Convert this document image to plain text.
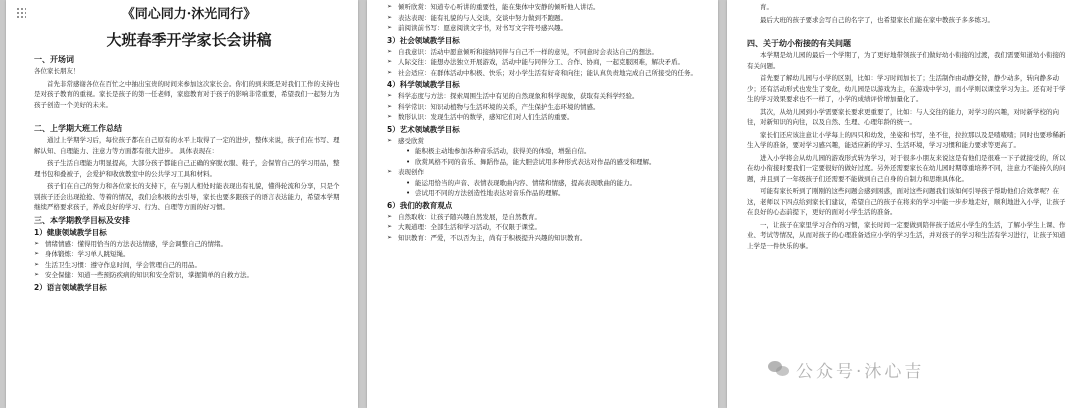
《同心同力·沐光同行》
大班春季开学家长会讲稿
一、开场词

各位家长朋友！

首先非常感谢各位在百忙之中抽出宝贵的时间来参加这次家长会。你们的到来既是对我们工作的支持也是对孩子教育的重视。家长是孩子的第一任老师，家庭教育对于孩子的影响非常重要，希望我们一起努力为孩子创造一个美好的未来。

二、上学期大班工作总结

通过上学期学习后，每位孩子都在自己原有的水平上取得了一定的进步，整体来说，孩子们在书写、理解认知、自理能力、注意力等方面都有很大进步。 具体表现在：

孩子生活自理能力明显提高，大部分孩子都能自己正确的穿脱衣服、鞋子，会保管自己的学习用品，整理书包和叠被子，会爱护和收放教室中的公共学习工具和材料。

孩子们在自己的努力和各位家长的支持下，在与别人相处时能表现出有礼貌，懂得轮流和分享，只是个别孩子还会出现抢抢、等着的情况，我们会积极的去引导，家长也要多跟孩子的语言表达能力，希望本学期继续严格要求孩子，养成良好的学习、行为、自理等方面的好习惯。

三、本学期教学目标及安排
1）健康领域教学目标
➢ 情绪情感：懂得用恰当的方法表达情感，学会调整自己的情绪。
➢ 身体锻炼：学习单人跳短绳。
➢ 生活卫生习惯：遵守作息时间，学会管理自己的用品。
➢ 安全保健：知道一些预防疾病的知识和安全常识，掌握简单的自救方法。
2）语言领域教学目标
➢ 倾听欣赏：知道专心听讲的重要性，能在集体中安静的倾听他人讲话。
➢ 表达表现：能有礼貌的与人交谈，交谈中努力做到不跑题。
➢ 前阅读前书写：愿意阅读文字书，对书写文字符号感兴趣。
3）社会领域教学目标
➢ 自我意识：活动中愿意倾听和接纳同伴与自己不一样的意见，不同意时会表达自己的想法。
➢ 人际交往：能想办法独立开展游戏，活动中能与同伴分工、合作、协商，一起克服困难，解决矛盾。
➢ 社会适应：在群体活动中积极、快乐；对小学生活有好奇和向往；能认真负责地完成自己所接受的任务。
4）科学领域教学目标
➢ 科学态度与方法：探索周围生活中有见的自然现象和科学现象，获取有关科学经验。
➢ 科学常识：知识动植物与生活环境的关系，产生保护生态环境的情感。
➢ 数形认识：发现生活中的数学，感知它们对人们生活的重要。
5）艺术领域教学目标
➢ 感受欣赏
• 能积极主动地参加各种音乐活动，获得美的体验，增强自信。
• 欣赏风格不同的音乐、舞蹈作品，能大胆尝试用多种形式表达对作品的感受和理解。
➢ 表现创作
• 能运用恰当的声音、表情表现歌曲内容、情绪和情感，提高表现歌曲的能力。
• 尝试用不同的方法创造性地表达对音乐作品的理解。
6）我们的教育观点
➢ 自然取收：让孩子随兴趣自然发展，是自然教育。
➢ 大观道理：全部生活和学习活动，不仅限于课堂。
➢ 知识教育：严爱，不以否为主，尚有于积极提升兴趣的知识教育。

育。

最后大班的孩子要求会写自己的名字了，也希望家长们能在家中教孩子多多练习。

四、关于幼小衔接的有关问题

本学期是幼儿园的最后一个学期了，为了更好地带领孩子们做好幼小衔接的过渡，我们需要知道幼小衔接的有关问题。

首先要了解幼儿园与小学的区别，比如：学习时间加长了；生活制作由动静交替，静少动多，转向静多动少；还有活动形式也发生了变化，幼儿园是以游戏为主，在游戏中学习，而小学则以课堂学习为主。还有对于学生的学习效果要求也不一样了，小学的成绩评价增加量化了。

其次，从幼儿园到小学需要家长要求更重要了，比如：与人交往的能力，对学习的兴趣，对时新学校的向往，对新知识的向往，以及自然、生理、心理年龄的统一。

家长们还应该注意让小学每上的四只和幼发，坐姿和书写，坐不住，拉拉那以及是喳喳喳；同时也要珍稀新生入学的准备，要对学习感兴趣，能适应新的学习、生活环境，学习习惯和能力要求等更高了。

进入小学将会从幼儿园的游戏形式转为学习，对于很多小朋友来说这是有他们是很难一下子就接受的，所以在幼小衔接时要我们一定要很好的做好过度。另外还需要家长在幼儿园时期尊重培养不同，注意力不能持久的问题，并且到了一年级孩子们还需要不能做到自己自身的自制力和思维具体化。

可能有家长听到了刚刚的这些问题会感到困惑，面对这些问题我们该如何引导孩子帮助他们合效孝呢？在这，老师以下四点给到家长们建议，希望自己的孩子在将来的学习中能一步步地走好，顺利地进入小学，让孩子在良好的心态前提下，更好的面对小学生活的准备。

一，让孩子在家里学习合作的习惯，家长时间一定要做到陪伴孩子适应小学生的生活，了解小学生上课、作业、考试等情况，从而对孩子的心理准备适应小学的学习生活，并对孩子的学习和生活有学习进行，让孩子知道上学是一件快乐的事。

公众号·沐心吉
